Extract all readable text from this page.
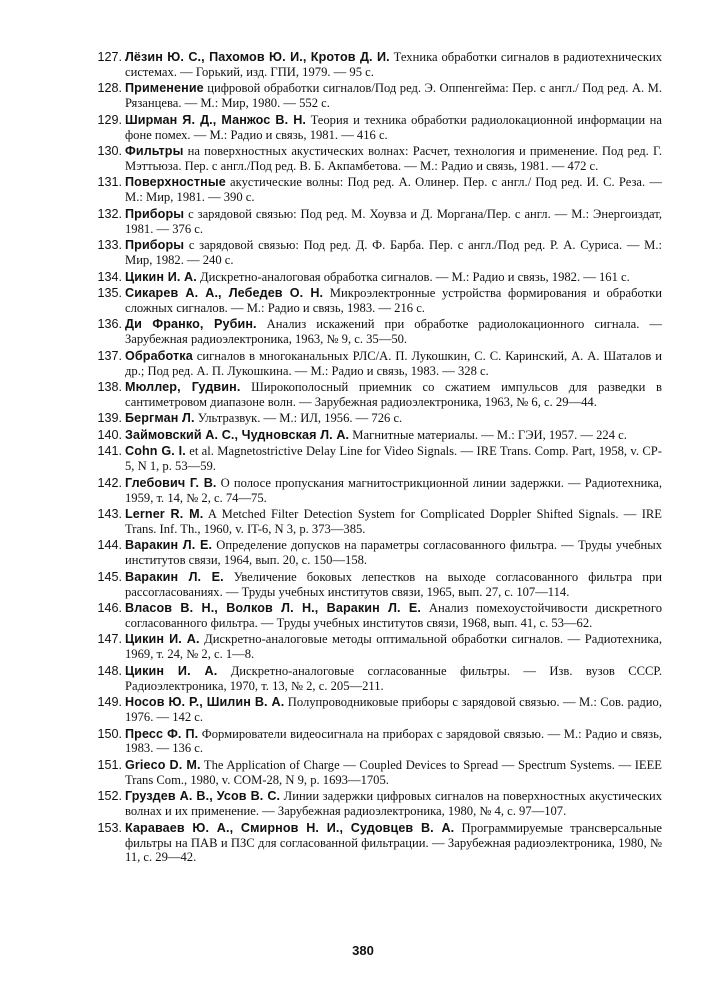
127. Лёзин Ю. С., Пахомов Ю. И., Кротов Д. И. Техника обработки сигналов в радиотехнических системах. — Горький, изд. ГПИ, 1979. — 95 с.
128. Применение цифровой обработки сигналов/Под ред. Э. Оппенгейма: Пер. с англ./ Под ред. А. М. Рязанцева. — М.: Мир, 1980. — 552 с.
129. Ширман Я. Д., Манжос В. Н. Теория и техника обработки радиолокационной информации на фоне помех. — М.: Радио и связь, 1981. — 416 с.
130. Фильтры на поверхностных акустических волнах: Расчет, технология и применение. Под ред. Г. Мэттьюза. Пер. с англ./Под ред. В. Б. Акпамбетова. — М.: Радио и связь, 1981. — 472 с.
131. Поверхностные акустические волны: Под ред. А. Олинер. Пер. с англ./ Под ред. И. С. Реза. — М.: Мир, 1981. — 390 с.
132. Приборы с зарядовой связью: Под ред. М. Хоувза и Д. Моргана/Пер. с англ. — М.: Энергоиздат, 1981. — 376 с.
133. Приборы с зарядовой связью: Под ред. Д. Ф. Барба. Пер. с англ./Под ред. Р. А. Суриса. — М.: Мир, 1982. — 240 с.
134. Цикин И. А. Дискретно-аналоговая обработка сигналов. — М.: Радио и связь, 1982. — 161 с.
135. Сикарев А. А., Лебедев О. Н. Микроэлектронные устройства формирования и обработки сложных сигналов. — М.: Радио и связь, 1983. — 216 с.
136. Ди Франко, Рубин. Анализ искажений при обработке радиолокационного сигнала. — Зарубежная радиоэлектроника, 1963, № 9, с. 35—50.
137. Обработка сигналов в многоканальных РЛС/А. П. Лукошкин, С. С. Каринский, А. А. Шаталов и др.; Под ред. А. П. Лукошкина. — М.: Радио и связь, 1983. — 328 с.
138. Мюллер, Гудвин. Широкополосный приемник со сжатием импульсов для разведки в сантиметровом диапазоне волн. — Зарубежная радиоэлектроника, 1963, № 6, с. 29—44.
139. Бергман Л. Ультразвук. — М.: ИЛ, 1956. — 726 с.
140. Займовский А. С., Чудновская Л. А. Магнитные материалы. — М.: ГЭИ, 1957. — 224 с.
141. Cohn G. I. et al. Magnetostrictive Delay Line for Video Signals. — IRE Trans. Comp. Part, 1958, v. CP-5, N 1, p. 53—59.
142. Глебович Г. В. О полосе пропускания магнитострикционной линии задержки. — Радиотехника, 1959, т. 14, № 2, с. 74—75.
143. Lerner R. M. A Metched Filter Detection System for Complicated Doppler Shifted Signals. — IRE Trans. Inf. Th., 1960, v. IT-6, N 3, p. 373—385.
144. Варакин Л. Е. Определение допусков на параметры согласованного фильтра. — Труды учебных институтов связи, 1964, вып. 20, с. 150—158.
145. Варакин Л. Е. Увеличение боковых лепестков на выходе согласованного фильтра при рассогласованиях. — Труды учебных институтов связи, 1965, вып. 27, с. 107—114.
146. Власов В. Н., Волков Л. Н., Варакин Л. Е. Анализ помехоустойчивости дискретного согласованного фильтра. — Труды учебных институтов связи, 1968, вып. 41, с. 53—62.
147. Цикин И. А. Дискретно-аналоговые методы оптимальной обработки сигналов. — Радиотехника, 1969, т. 24, № 2, с. 1—8.
148. Цикин И. А. Дискретно-аналоговые согласованные фильтры. — Изв. вузов СССР. Радиоэлектроника, 1970, т. 13, № 2, с. 205—211.
149. Носов Ю. Р., Шилин В. А. Полупроводниковые приборы с зарядовой связью. — М.: Сов. радио, 1976. — 142 с.
150. Пресс Ф. П. Формирователи видеосигнала на приборах с зарядовой связью. — М.: Радио и связь, 1983. — 136 с.
151. Grieco D. M. The Application of Charge — Coupled Devices to Spread — Spectrum Systems. — IEEE Trans Com., 1980, v. COM-28, N 9, p. 1693—1705.
152. Груздев А. В., Усов В. С. Линии задержки цифровых сигналов на поверхностных акустических волнах и их применение. — Зарубежная радиоэлектроника, 1980, № 4, с. 97—107.
153. Караваев Ю. А., Смирнов Н. И., Судовцев В. А. Программируемые трансверсальные фильтры на ПАВ и ПЗС для согласованной фильтрации. — Зарубежная радиоэлектроника, 1980, № 11, с. 29—42.
380
